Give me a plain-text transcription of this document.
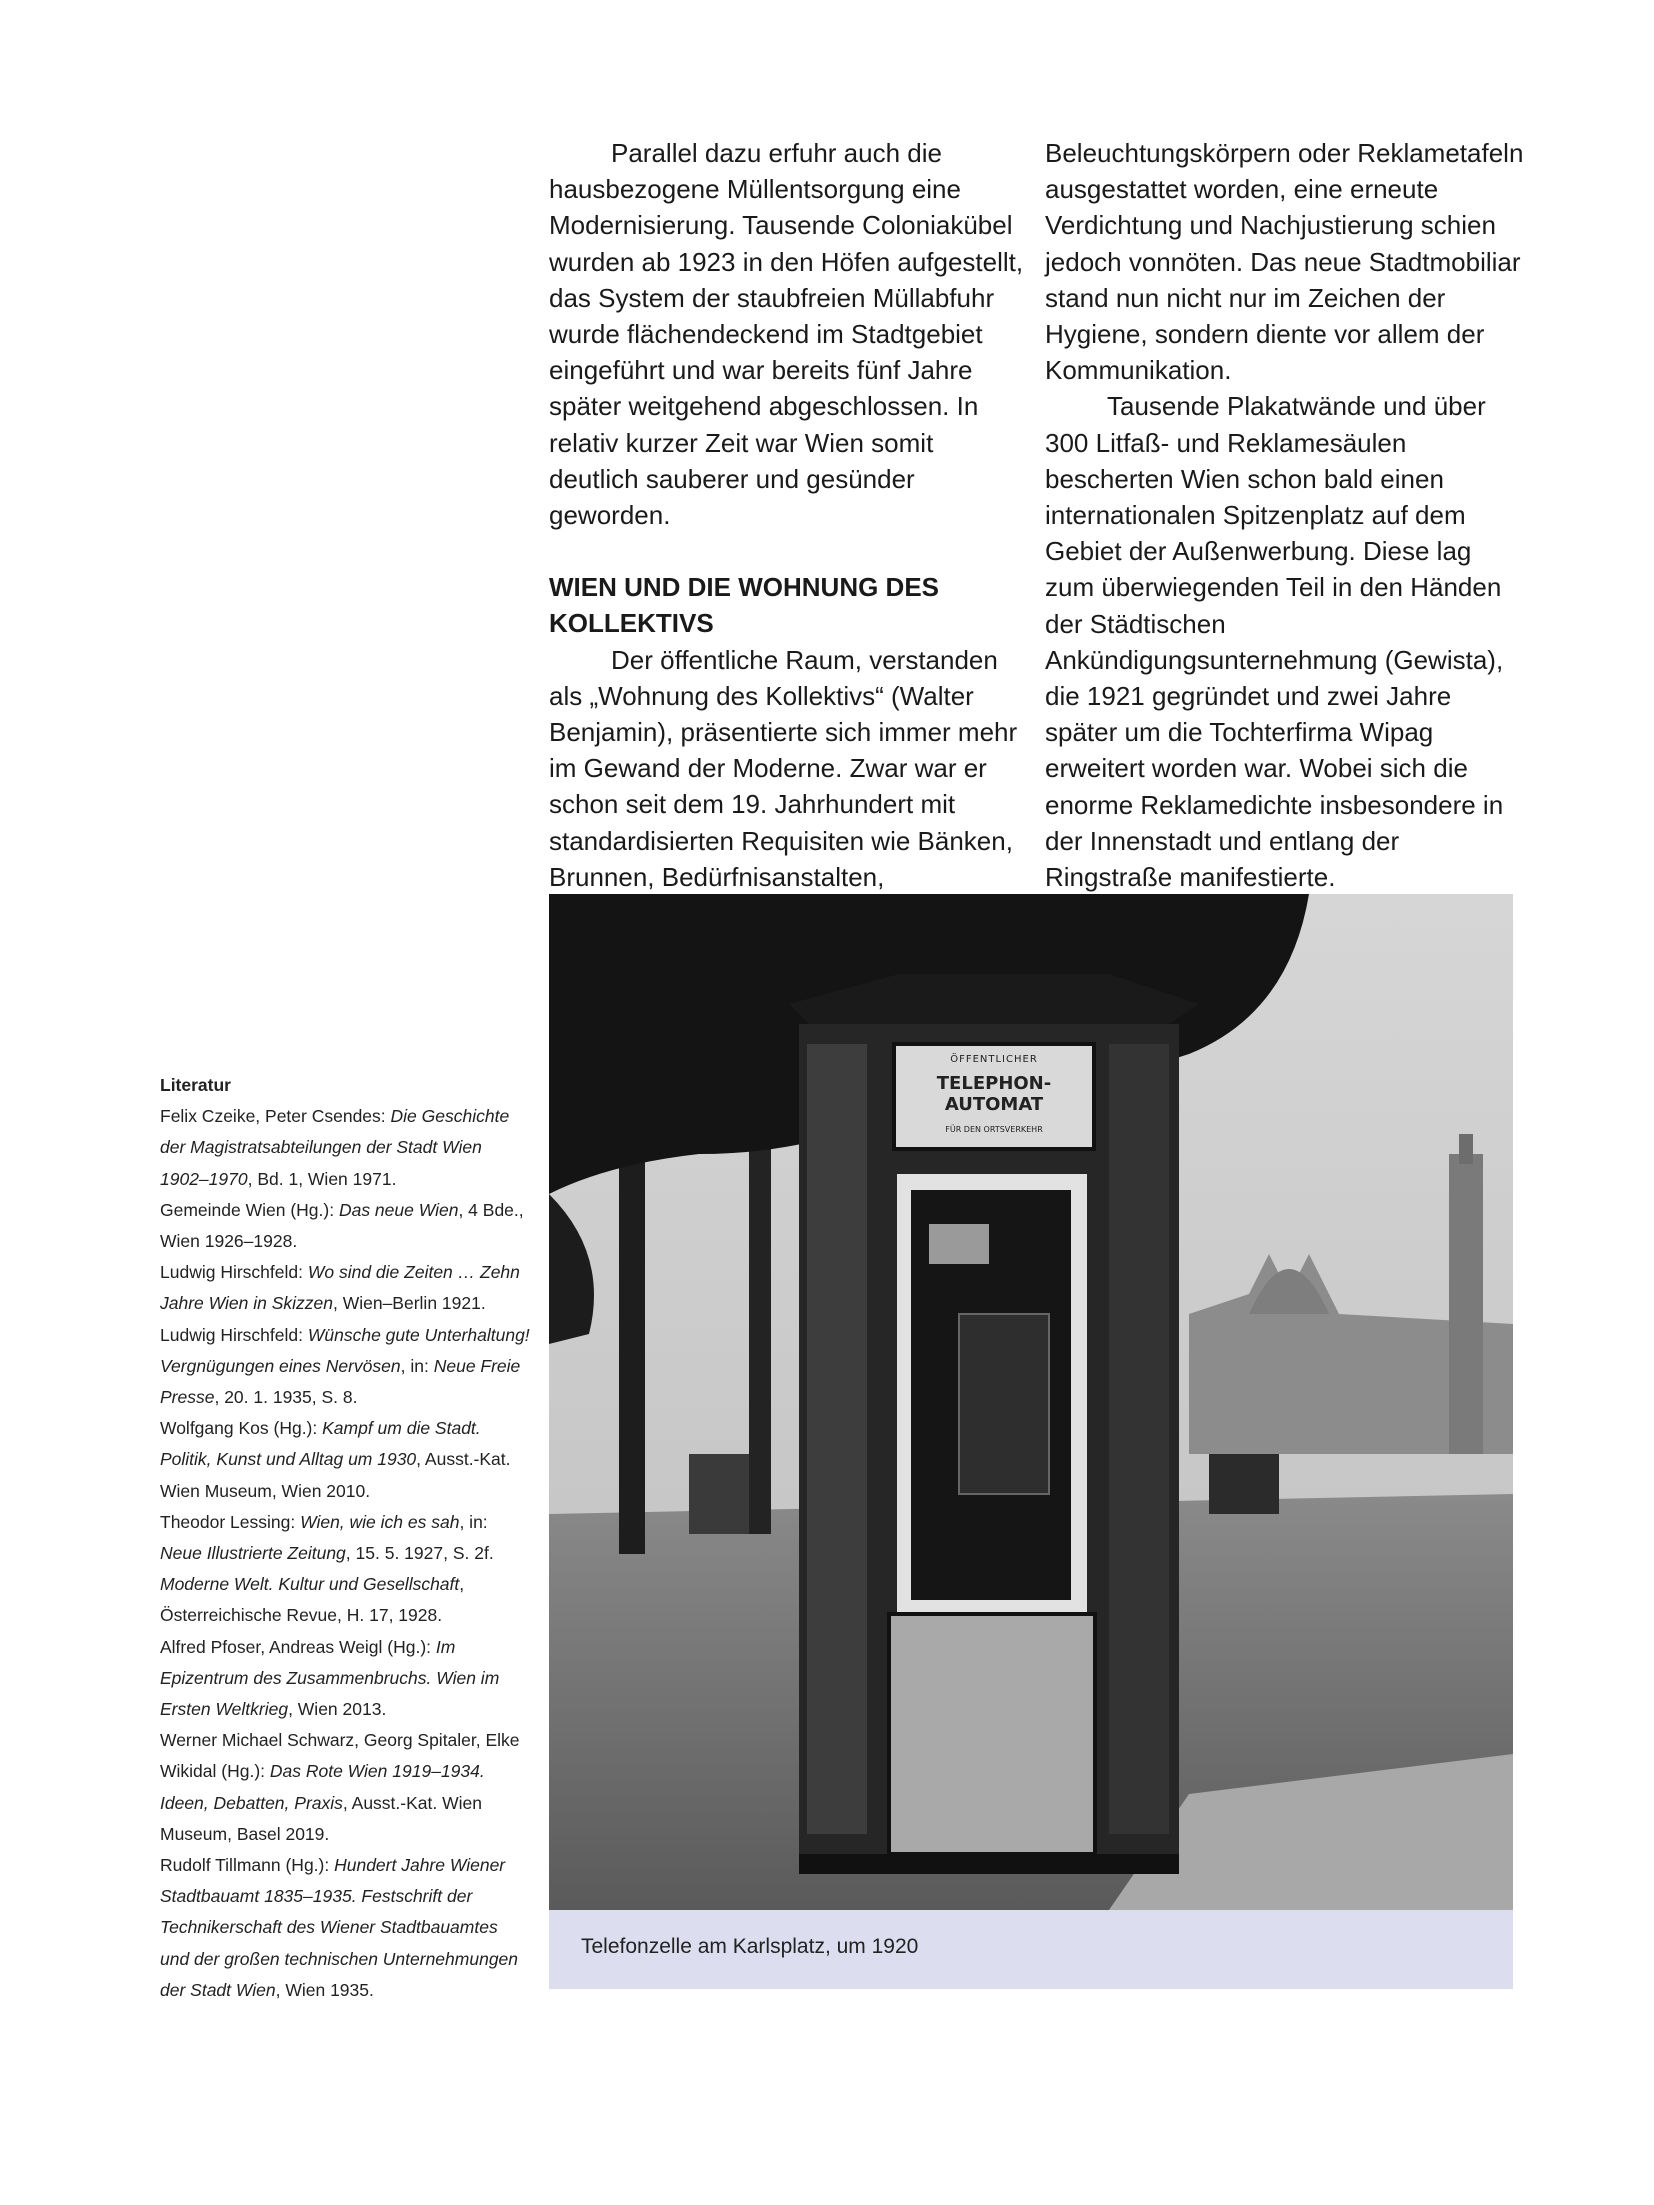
Parallel dazu erfuhr auch die hausbezogene Müllentsorgung eine Modernisierung. Tausende Coloniakübel wurden ab 1923 in den Höfen aufgestellt, das System der staubfreien Müllabfuhr wurde flächendeckend im Stadtgebiet eingeführt und war bereits fünf Jahre später weitgehend abgeschlossen. In relativ kurzer Zeit war Wien somit deutlich sauberer und gesünder geworden.

WIEN UND DIE WOHNUNG DES
KOLLEKTIVS

Der öffentliche Raum, verstanden als „Wohnung des Kollektivs“ (Walter Benjamin), präsentierte sich immer mehr im Gewand der Moderne. Zwar war er schon seit dem 19. Jahrhundert mit standardisierten Requisiten wie Bänken, Brunnen, Bedürfnisanstalten,

Beleuchtungskörpern oder Reklametafeln ausgestattet worden, eine erneute Verdichtung und Nachjustierung schien jedoch vonnöten. Das neue Stadtmobiliar stand nun nicht nur im Zeichen der Hygiene, sondern diente vor allem der Kommunikation.

Tausende Plakatwände und über 300 Litfaß- und Reklamesäulen bescherten Wien schon bald einen internationalen Spitzenplatz auf dem Gebiet der Außenwerbung. Diese lag zum überwiegenden Teil in den Händen der Städtischen Ankündigungsunternehmung (Gewista), die 1921 gegründet und zwei Jahre später um die Tochterfirma Wipag erweitert worden war. Wobei sich die enorme Reklamedichte insbesondere in der Innenstadt und entlang der Ringstraße manifestierte.

ÖFFENTLICHER
TELEPHON-AUTOMAT
FÜR DEN ORTSVERKEHR
Telefonzelle am Karlsplatz, um 1920
Literatur
Felix Czeike, Peter Csendes: Die Geschichte der Magistratsabteilungen der Stadt Wien 1902–1970, Bd. 1, Wien 1971.
Gemeinde Wien (Hg.): Das neue Wien, 4 Bde., Wien 1926–1928.
Ludwig Hirschfeld: Wo sind die Zeiten … Zehn Jahre Wien in Skizzen, Wien–Berlin 1921.
Ludwig Hirschfeld: Wünsche gute Unterhaltung! Vergnügungen eines Nervösen, in: Neue Freie Presse, 20. 1. 1935, S. 8.
Wolfgang Kos (Hg.): Kampf um die Stadt. Politik, Kunst und Alltag um 1930, Ausst.-Kat. Wien Museum, Wien 2010.
Theodor Lessing: Wien, wie ich es sah, in: Neue Illustrierte Zeitung, 15. 5. 1927, S. 2f.
Moderne Welt. Kultur und Gesellschaft, Österreichische Revue, H. 17, 1928.
Alfred Pfoser, Andreas Weigl (Hg.): Im Epizentrum des Zusammenbruchs. Wien im Ersten Weltkrieg, Wien 2013.
Werner Michael Schwarz, Georg Spitaler, Elke Wikidal (Hg.): Das Rote Wien 1919–1934. Ideen, Debatten, Praxis, Ausst.-Kat. Wien Museum, Basel 2019.
Rudolf Tillmann (Hg.): Hundert Jahre Wiener Stadtbauamt 1835–1935. Festschrift der Technikerschaft des Wiener Stadtbauamtes und der großen technischen Unternehmungen der Stadt Wien, Wien 1935.
